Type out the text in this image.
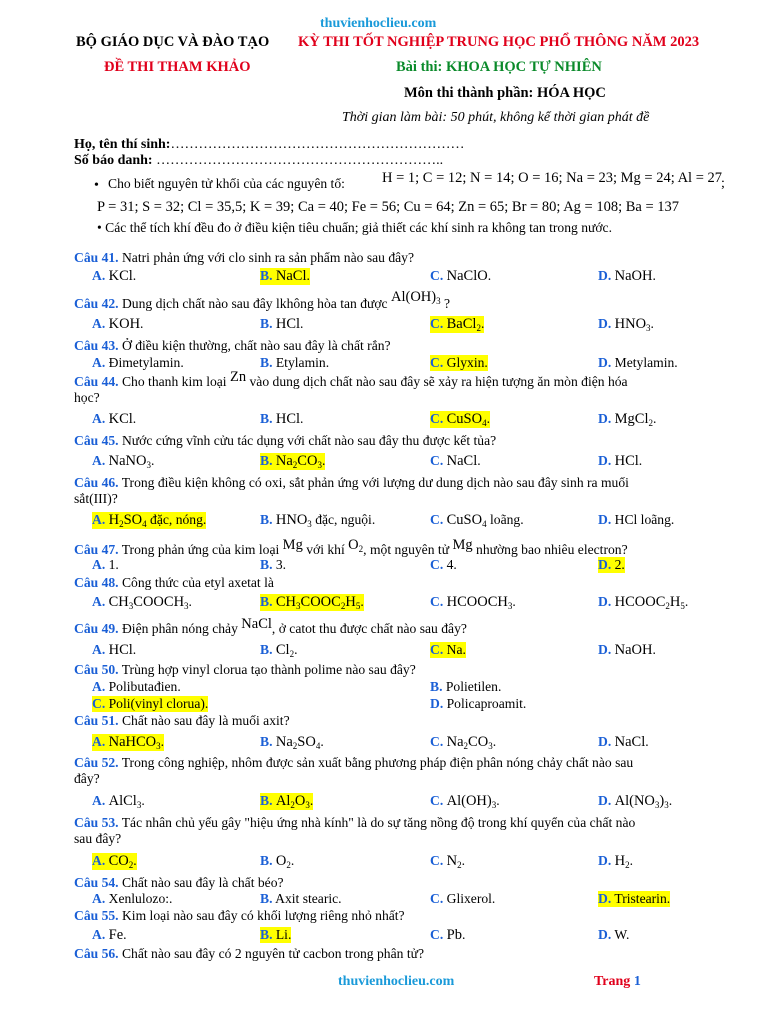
thuvienhoclieu.com
BỘ GIÁO DỤC VÀ ĐÀO TẠO KỲ THI TỐT NGHIỆP TRUNG HỌC PHỔ THÔNG NĂM 2023
ĐỀ THI THAM KHẢO	Bài thi: KHOA HỌC TỰ NHIÊN
Môn thi thành phần: HÓA HỌC
Thời gian làm bài: 50 phút, không kể thời gian phát đề
Họ, tên thí sinh:………………………………………………………
Số báo danh: ……………………………………………………..
• Cho biết nguyên tử khối của các nguyên tố:	H = 1; C = 12; N = 14; O = 16; Na = 23; Mg = 24; Al = 27 ;
P = 31; S = 32; Cl = 35,5; K = 39; Ca = 40; Fe = 56; Cu = 64; Zn = 65; Br = 80; Ag = 108; Ba = 137
• Các thể tích khí đều đo ở điều kiện tiêu chuẩn; giả thiết các khí sinh ra không tan trong nước.
Câu 41. Natri phản ứng với clo sinh ra sản phẩm nào sau đây?
A. KCl.	B. NaCl.	C. NaClO.	D. NaOH.
Câu 42. Dung dịch chất nào sau đây lkhông hòa tan được $Al(OH)_3$ ?
A. KOH.	B. HCl.	C. BaCl$_2$.	D. $HNO_3$.
Câu 43. Ở điều kiện thường, chất nào sau đây là chất rắn?
A. Đimetylamin.	B. Etylamin.	C. Glyxin.	D. Metylamin.
Câu 44. Cho thanh kim loại Zn vào dung dịch chất nào sau đây sẽ xảy ra hiện tượng ăn mòn điện hóa
học?
A. KCl.	B. HCl.	C. CuSO$_4$.	D. MgCl$_2$.
Câu 45. Nước cứng vĩnh cửu tác dụng với chất nào sau đây thu được kết tủa?
A. NaNO$_3$.	B. $Na_2CO_3$.	C. NaCl.	D. HCl.
Câu 46. Trong điều kiện không có oxi, sắt phản ứng với lượng dư dung dịch nào sau đây sinh ra muối
sắt(III)?
A. $H_2SO_4$ đặc, nóng.	B. $HNO_3$ đặc, nguội.	C. CuSO$_4$ loãng.	D. HCl loãng.
Câu 47. Trong phản ứng của kim loại Mg với khí $O_2$, một nguyên tử Mg nhường bao nhiêu electron?
A. 1.	B. 3.	C. 4.	D. 2.
Câu 48. Công thức của etyl axetat là
A. $CH_3COOCH_3$.	B. $CH_3COOC_2H_5$.	C. $HCOOCH_3$.	D. $HCOOC_2H_5$.
Câu 49. Điện phân nóng chảy NaCl, ở catot thu được chất nào sau đây?
A. HCl.	B. $Cl_2$.	C. Na.	D. NaOH.
Câu 50. Trùng hợp vinyl clorua tạo thành polime nào sau đây?
A. Polibutađien.	B. Polietilen.
C. Poli(vinyl clorua).	D. Policaproamit.
Câu 51. Chất nào sau đây là muối axit?
A. NaHCO$_3$.	B. $Na_2SO_4$.	C. $Na_2CO_3$.	D. NaCl.
Câu 52. Trong công nghiệp, nhôm được sản xuất bằng phương pháp điện phân nóng chảy chất nào sau
đây?
A. AlCl$_3$.	B. $Al_2O_3$.	C. $Al(OH)_3$.	D. $Al(NO_3)_3$.
Câu 53. Tác nhân chủ yếu gây "hiệu ứng nhà kính" là do sự tăng nồng độ trong khí quyển của chất nào
sau đây?
A. $CO_2$.	B. $O_2$.	C. $N_2$.	D. $H_2$.
Câu 54. Chất nào sau đây là chất béo?
A. Xenlulozo:.	B. Axit stearic.	C. Glixerol.	D. Tristearin.
Câu 55. Kim loại nào sau đây có khối lượng riêng nhỏ nhất?
A. Fe.	B. Li.	C. Pb.	D. W.
Câu 56. Chất nào sau đây có 2 nguyên tử cacbon trong phân tử?
thuvienhoclieu.com	Trang 1
